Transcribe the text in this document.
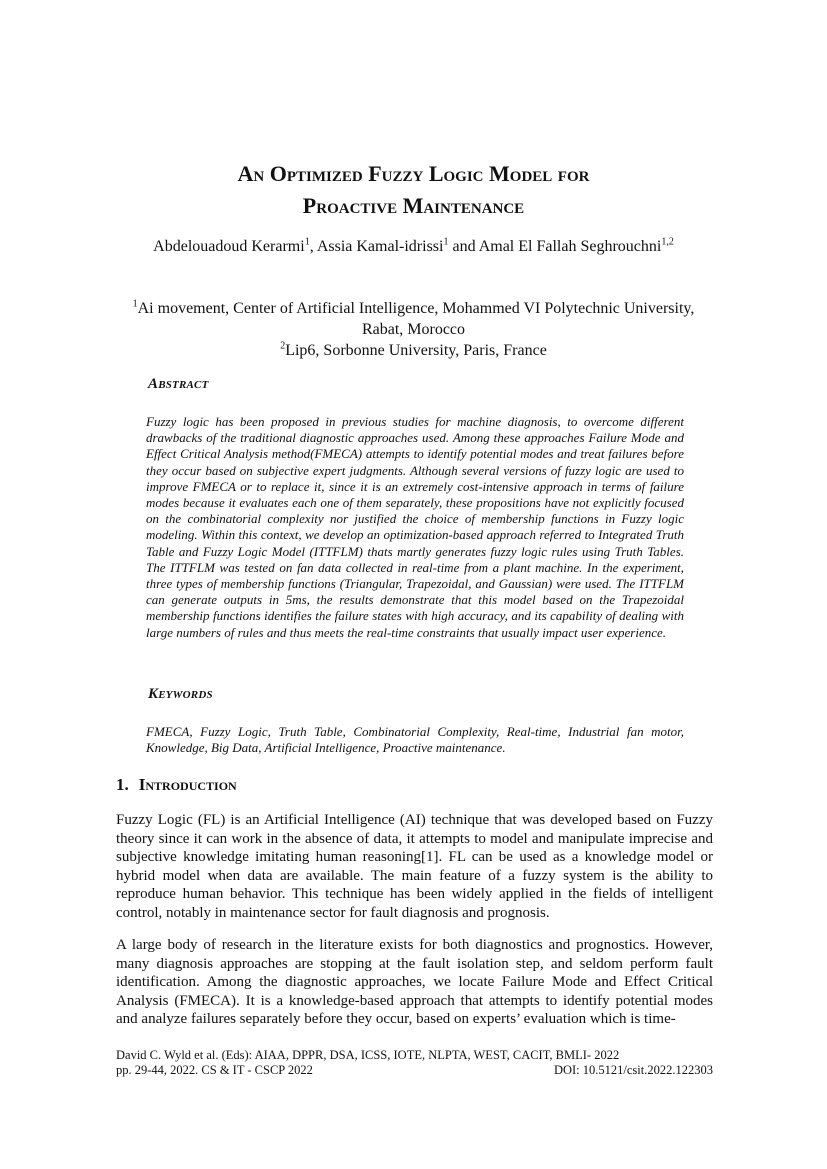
An Optimized Fuzzy Logic Model for
Proactive Maintenance
Abdelouadoud Kerarmi$^1$, Assia Kamal-idrissi$^1$ and Amal El Fallah Seghrouchni$^{1,2}$
$^1$Ai movement, Center of Artificial Intelligence, Mohammed VI Polytechnic University, Rabat, Morocco
$^2$Lip6, Sorbonne University, Paris, France
Abstract
Fuzzy logic has been proposed in previous studies for machine diagnosis, to overcome different drawbacks of the traditional diagnostic approaches used. Among these approaches Failure Mode and Effect Critical Analysis method(FMECA) attempts to identify potential modes and treat failures before they occur based on subjective expert judgments. Although several versions of fuzzy logic are used to improve FMECA or to replace it, since it is an extremely cost-intensive approach in terms of failure modes because it evaluates each one of them separately, these propositions have not explicitly focused on the combinatorial complexity nor justified the choice of membership functions in Fuzzy logic modeling. Within this context, we develop an optimization-based approach referred to Integrated Truth Table and Fuzzy Logic Model (ITTFLM) thats martly generates fuzzy logic rules using Truth Tables. The ITTFLM was tested on fan data collected in real-time from a plant machine. In the experiment, three types of membership functions (Triangular, Trapezoidal, and Gaussian) were used. The ITTFLM can generate outputs in 5ms, the results demonstrate that this model based on the Trapezoidal membership functions identifies the failure states with high accuracy, and its capability of dealing with large numbers of rules and thus meets the real-time constraints that usually impact user experience.
Keywords
FMECA, Fuzzy Logic, Truth Table, Combinatorial Complexity, Real-time, Industrial fan motor, Knowledge, Big Data, Artificial Intelligence, Proactive maintenance.
1. Introduction

Fuzzy Logic (FL) is an Artificial Intelligence (AI) technique that was developed based on Fuzzy theory since it can work in the absence of data, it attempts to model and manipulate imprecise and subjective knowledge imitating human reasoning[1]. FL can be used as a knowledge model or hybrid model when data are available. The main feature of a fuzzy system is the ability to reproduce human behavior. This technique has been widely applied in the fields of intelligent control, notably in maintenance sector for fault diagnosis and prognosis.

A large body of research in the literature exists for both diagnostics and prognostics. However, many diagnosis approaches are stopping at the fault isolation step, and seldom perform fault identification. Among the diagnostic approaches, we locate Failure Mode and Effect Critical Analysis (FMECA). It is a knowledge-based approach that attempts to identify potential modes and analyze failures separately before they occur, based on experts’ evaluation which is time-

David C. Wyld et al. (Eds): AIAA, DPPR, DSA, ICSS, IOTE, NLPTA, WEST, CACIT, BMLI- 2022
pp. 29-44, 2022. CS & IT - CSCP 2022	DOI: 10.5121/csit.2022.122303
